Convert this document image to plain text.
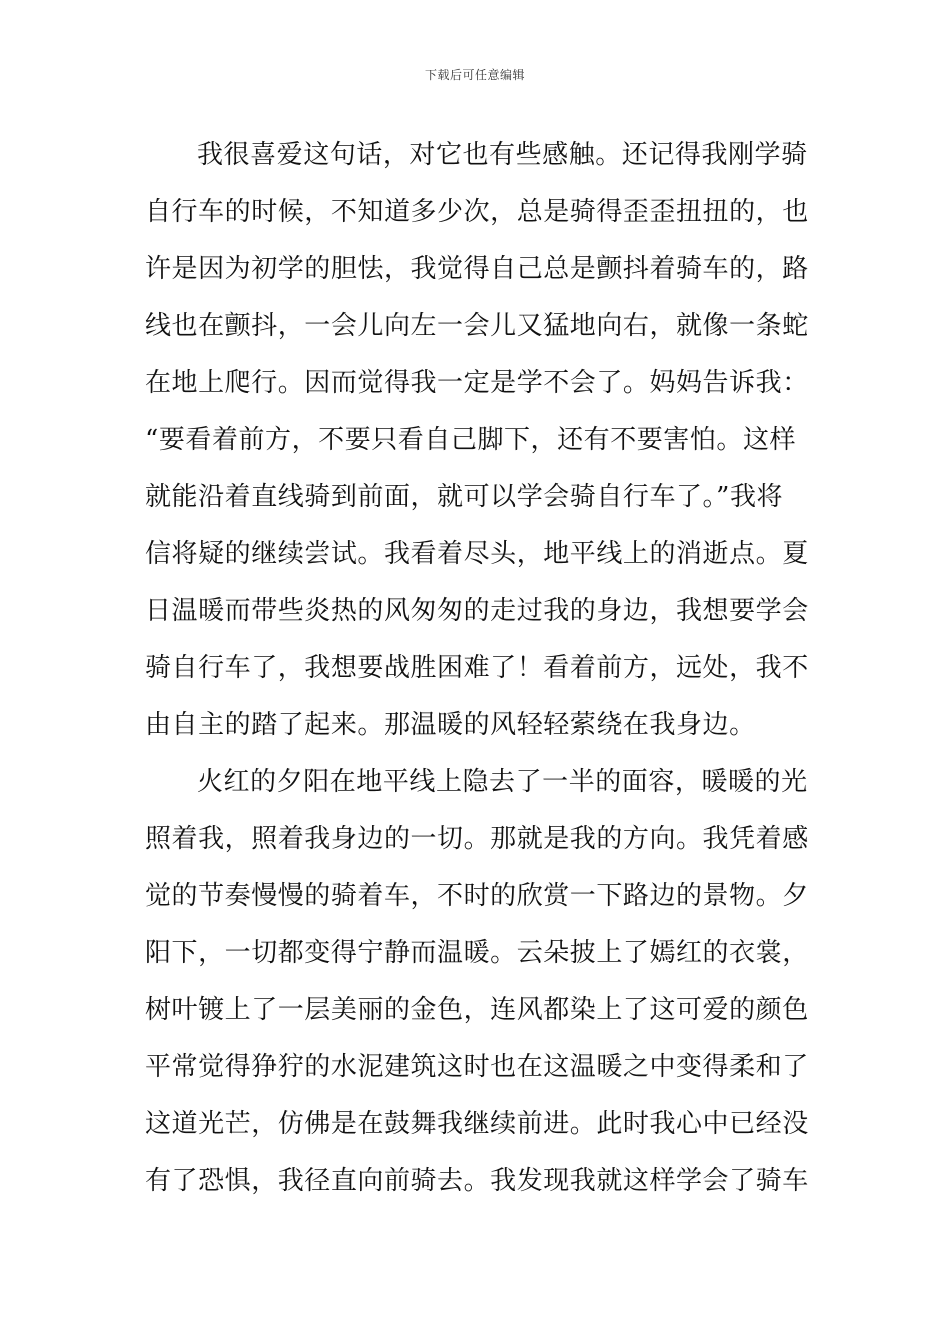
下载后可任意编辑
我很喜爱这句话，对它也有些感触。还记得我刚学骑
自行车的时候，不知道多少次，总是骑得歪歪扭扭的，也
许是因为初学的胆怯，我觉得自己总是颤抖着骑车的，路
线也在颤抖，一会儿向左一会儿又猛地向右，就像一条蛇
在地上爬行。因而觉得我一定是学不会了。妈妈告诉我：
“要看着前方，不要只看自己脚下，还有不要害怕。这样
就能沿着直线骑到前面，就可以学会骑自行车了。”我将
信将疑的继续尝试。我看着尽头，地平线上的消逝点。夏
日温暖而带些炎热的风匆匆的走过我的身边，我想要学会
骑自行车了，我想要战胜困难了！看着前方，远处，我不
由自主的踏了起来。那温暖的风轻轻萦绕在我身边。
火红的夕阳在地平线上隐去了一半的面容，暖暖的光
照着我，照着我身边的一切。那就是我的方向。我凭着感
觉的节奏慢慢的骑着车，不时的欣赏一下路边的景物。夕
阳下，一切都变得宁静而温暖。云朵披上了嫣红的衣裳，
树叶镀上了一层美丽的金色，连风都染上了这可爱的颜色
平常觉得狰狞的水泥建筑这时也在这温暖之中变得柔和了
这道光芒，仿佛是在鼓舞我继续前进。此时我心中已经没
有了恐惧，我径直向前骑去。我发现我就这样学会了骑车
